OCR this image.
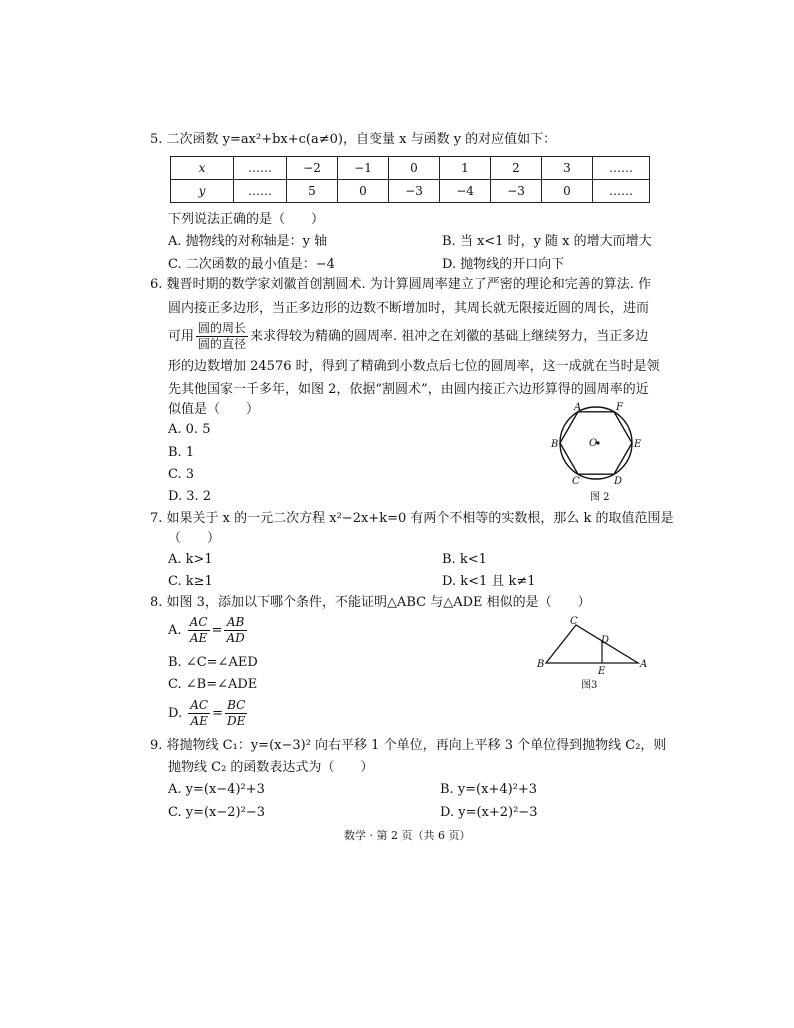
5. 二次函数 y=ax²+bx+c(a≠0)，自变量 x 与函数 y 的对应值如下：
x	……	−2	−1	0	1	2	3	……
y	……	5	0	−3	−4	−3	0	……
下列说法正确的是（　　）
A. 抛物线的对称轴是：y 轴	B. 当 x<1 时，y 随 x 的增大而增大
C. 二次函数的最小值是：−4	D. 抛物线的开口向下
6. 魏晋时期的数学家刘徽首创割圆术. 为计算圆周率建立了严密的理论和完善的算法. 作
圆内接正多边形，当正多边形的边数不断增加时，其周长就无限接近圆的周长，进而
可用 $\frac{\text{圆的周长}}{\text{圆的直径}}$ 来求得较为精确的圆周率. 祖冲之在刘徽的基础上继续努力，当正多边
形的边数增加 24576 时，得到了精确到小数点后七位的圆周率，这一成就在当时是领
先其他国家一千多年，如图 2，依据“割圆术”，由圆内接正六边形算得的圆周率的近
似值是（　　）
A. 0. 5
B. 1
C. 3
D. 3. 2
A	F
B	O	E
C	D
图 2
7. 如果关于 x 的一元二次方程 x²−2x+k=0 有两个不相等的实数根，那么 k 的取值范围是
（　　）
A. k>1	B. k<1
C. k≥1	D. k<1 且 k≠1
8. 如图 3，添加以下哪个条件，不能证明△ABC 与△ADE 相似的是（　　）
A. $\frac{AC}{AE} = \frac{AB}{AD}$
B. ∠C=∠AED
C. ∠B=∠ADE
D. $\frac{AC}{AE} = \frac{BC}{DE}$
C
D
B
E
A
图3
9. 将抛物线 C₁：y=(x−3)² 向右平移 1 个单位，再向上平移 3 个单位得到抛物线 C₂，则
抛物线 C₂ 的函数表达式为（　　）
A. y=(x−4)²+3	B. y=(x+4)²+3
C. y=(x−2)²−3	D. y=(x+2)²−3
数学 · 第 2 页（共 6 页）
